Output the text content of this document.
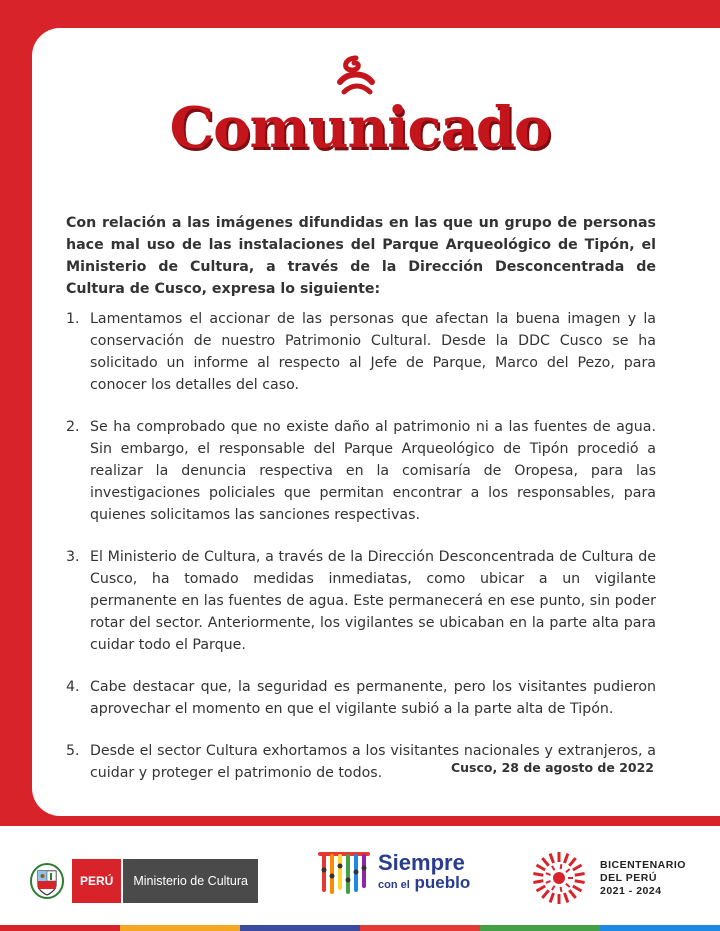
Comunicado
Con relación a las imágenes difundidas en las que un grupo de personas hace mal uso de las instalaciones del Parque Arqueológico de Tipón, el Ministerio de Cultura, a través de la Dirección Desconcentrada de Cultura de Cusco, expresa lo siguiente:
1. Lamentamos el accionar de las personas que afectan la buena imagen y la conservación de nuestro Patrimonio Cultural. Desde la DDC Cusco se ha solicitado un informe al respecto al Jefe de Parque, Marco del Pezo, para conocer los detalles del caso.
2. Se ha comprobado que no existe daño al patrimonio ni a las fuentes de agua. Sin embargo, el responsable del Parque Arqueológico de Tipón procedió a realizar la denuncia respectiva en la comisaría de Oropesa, para las investigaciones policiales que permitan encontrar a los responsables, para quienes solicitamos las sanciones respectivas.
3. El Ministerio de Cultura, a través de la Dirección Desconcentrada de Cultura de Cusco, ha tomado medidas inmediatas, como ubicar a un vigilante permanente en las fuentes de agua. Este permanecerá en ese punto, sin poder rotar del sector. Anteriormente, los vigilantes se ubicaban en la parte alta para cuidar todo el Parque.
4. Cabe destacar que, la seguridad es permanente, pero los visitantes pudieron aprovechar el momento en que el vigilante subió a la parte alta de Tipón.
5. Desde el sector Cultura exhortamos a los visitantes nacionales y extranjeros, a cuidar y proteger el patrimonio de todos.	Cusco, 28 de agosto de 2022
PERÚ	Ministerio de Cultura
Siempre
con el pueblo
BICENTENARIO
DEL PERÚ
2021 - 2024
